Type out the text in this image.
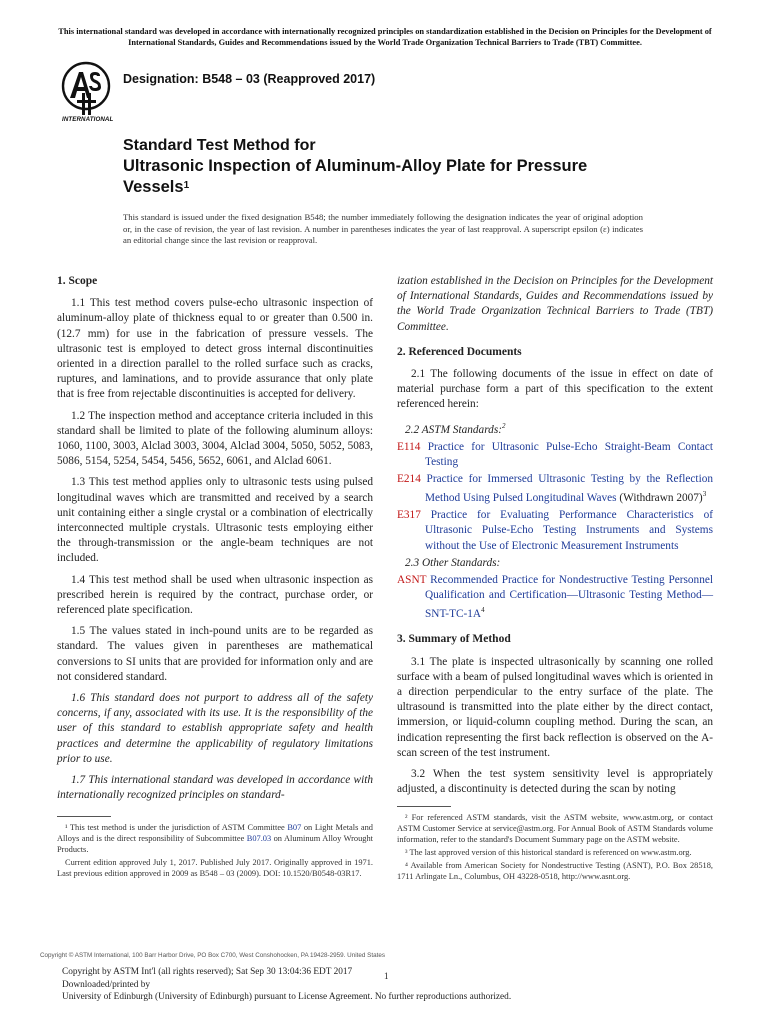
This international standard was developed in accordance with internationally recognized principles on standardization established in the Decision on Principles for the Development of International Standards, Guides and Recommendations issued by the World Trade Organization Technical Barriers to Trade (TBT) Committee.
INTERNATIONAL
Designation: B548 – 03 (Reapproved 2017)
Standard Test Method for
Ultrasonic Inspection of Aluminum-Alloy Plate for Pressure
Vessels$^1$
This standard is issued under the fixed designation B548; the number immediately following the designation indicates the year of original adoption or, in the case of revision, the year of last revision. A number in parentheses indicates the year of last reapproval. A superscript epsilon (ε) indicates an editorial change since the last revision or reapproval.
1. Scope

1.1 This test method covers pulse-echo ultrasonic inspection of aluminum-alloy plate of thickness equal to or greater than 0.500 in. (12.7 mm) for use in the fabrication of pressure vessels. The ultrasonic test is employed to detect gross internal discontinuities oriented in a direction parallel to the rolled surface such as cracks, ruptures, and laminations, and to provide assurance that only plate that is free from rejectable discontinuities is accepted for delivery.

1.2 The inspection method and acceptance criteria included in this standard shall be limited to plate of the following aluminum alloys: 1060, 1100, 3003, Alclad 3003, 3004, Alclad 3004, 5050, 5052, 5083, 5086, 5154, 5254, 5454, 5456, 5652, 6061, and Alclad 6061.

1.3 This test method applies only to ultrasonic tests using pulsed longitudinal waves which are transmitted and received by a search unit containing either a single crystal or a combination of electrically interconnected multiple crystals. Ultrasonic tests employing either the through-transmission or the angle-beam techniques are not included.

1.4 This test method shall be used when ultrasonic inspection as prescribed herein is required by the contract, purchase order, or referenced plate specification.

1.5 The values stated in inch-pound units are to be regarded as standard. The values given in parentheses are mathematical conversions to SI units that are provided for information only and are not considered standard.

1.6 This standard does not purport to address all of the safety concerns, if any, associated with its use. It is the responsibility of the user of this standard to establish appropriate safety and health practices and determine the applicability of regulatory limitations prior to use.

1.7 This international standard was developed in accordance with internationally recognized principles on standard-

ization established in the Decision on Principles for the Development of International Standards, Guides and Recommendations issued by the World Trade Organization Technical Barriers to Trade (TBT) Committee.

2. Referenced Documents

2.1 The following documents of the issue in effect on date of material purchase form a part of this specification to the extent referenced herein:

2.2 ASTM Standards:$^2$
E114 Practice for Ultrasonic Pulse-Echo Straight-Beam Contact Testing
E214 Practice for Immersed Ultrasonic Testing by the Reflection Method Using Pulsed Longitudinal Waves (Withdrawn 2007)$^3$
E317 Practice for Evaluating Performance Characteristics of Ultrasonic Pulse-Echo Testing Instruments and Systems without the Use of Electronic Measurement Instruments
2.3 Other Standards:
ASNT Recommended Practice for Nondestructive Testing Personnel Qualification and Certification—Ultrasonic Testing $Method—SNT-TC-1A^4$
3. Summary of Method

3.1 The plate is inspected ultrasonically by scanning one rolled surface with a beam of pulsed longitudinal waves which is oriented in a direction perpendicular to the entry surface of the plate. The ultrasound is transmitted into the plate either by the direct contact, immersion, or liquid-column coupling method. During the scan, an indication representing the first back reflection is observed on the A-scan screen of the test instrument.

3.2 When the test system sensitivity level is appropriately adjusted, a discontinuity is detected during the scan by noting

¹ This test method is under the jurisdiction of ASTM Committee B07 on Light Metals and Alloys and is the direct responsibility of Subcommittee B07.03 on Aluminum Alloy Wrought Products.

Current edition approved July 1, 2017. Published July 2017. Originally approved in 1971. Last previous edition approved in 2009 as B548 – 03 (2009). DOI: 10.1520/B0548-03R17.

² For referenced ASTM standards, visit the ASTM website, www.astm.org, or contact ASTM Customer Service at service@astm.org. For Annual Book of ASTM Standards volume information, refer to the standard's Document Summary page on the ASTM website.

³ The last approved version of this historical standard is referenced on www.astm.org.

⁴ Available from American Society for Nondestructive Testing (ASNT), P.O. Box 28518, 1711 Arlingate Ln., Columbus, OH 43228-0518, http://www.asnt.org.

Copyright © ASTM International, 100 Barr Harbor Drive, PO Box C700, West Conshohocken, PA 19428-2959. United States
Copyright by ASTM Int'l (all rights reserved); Sat Sep 30 13:04:36 EDT 2017
Downloaded/printed by
University of Edinburgh (University of Edinburgh) pursuant to License Agreement. No further reproductions authorized.
1
